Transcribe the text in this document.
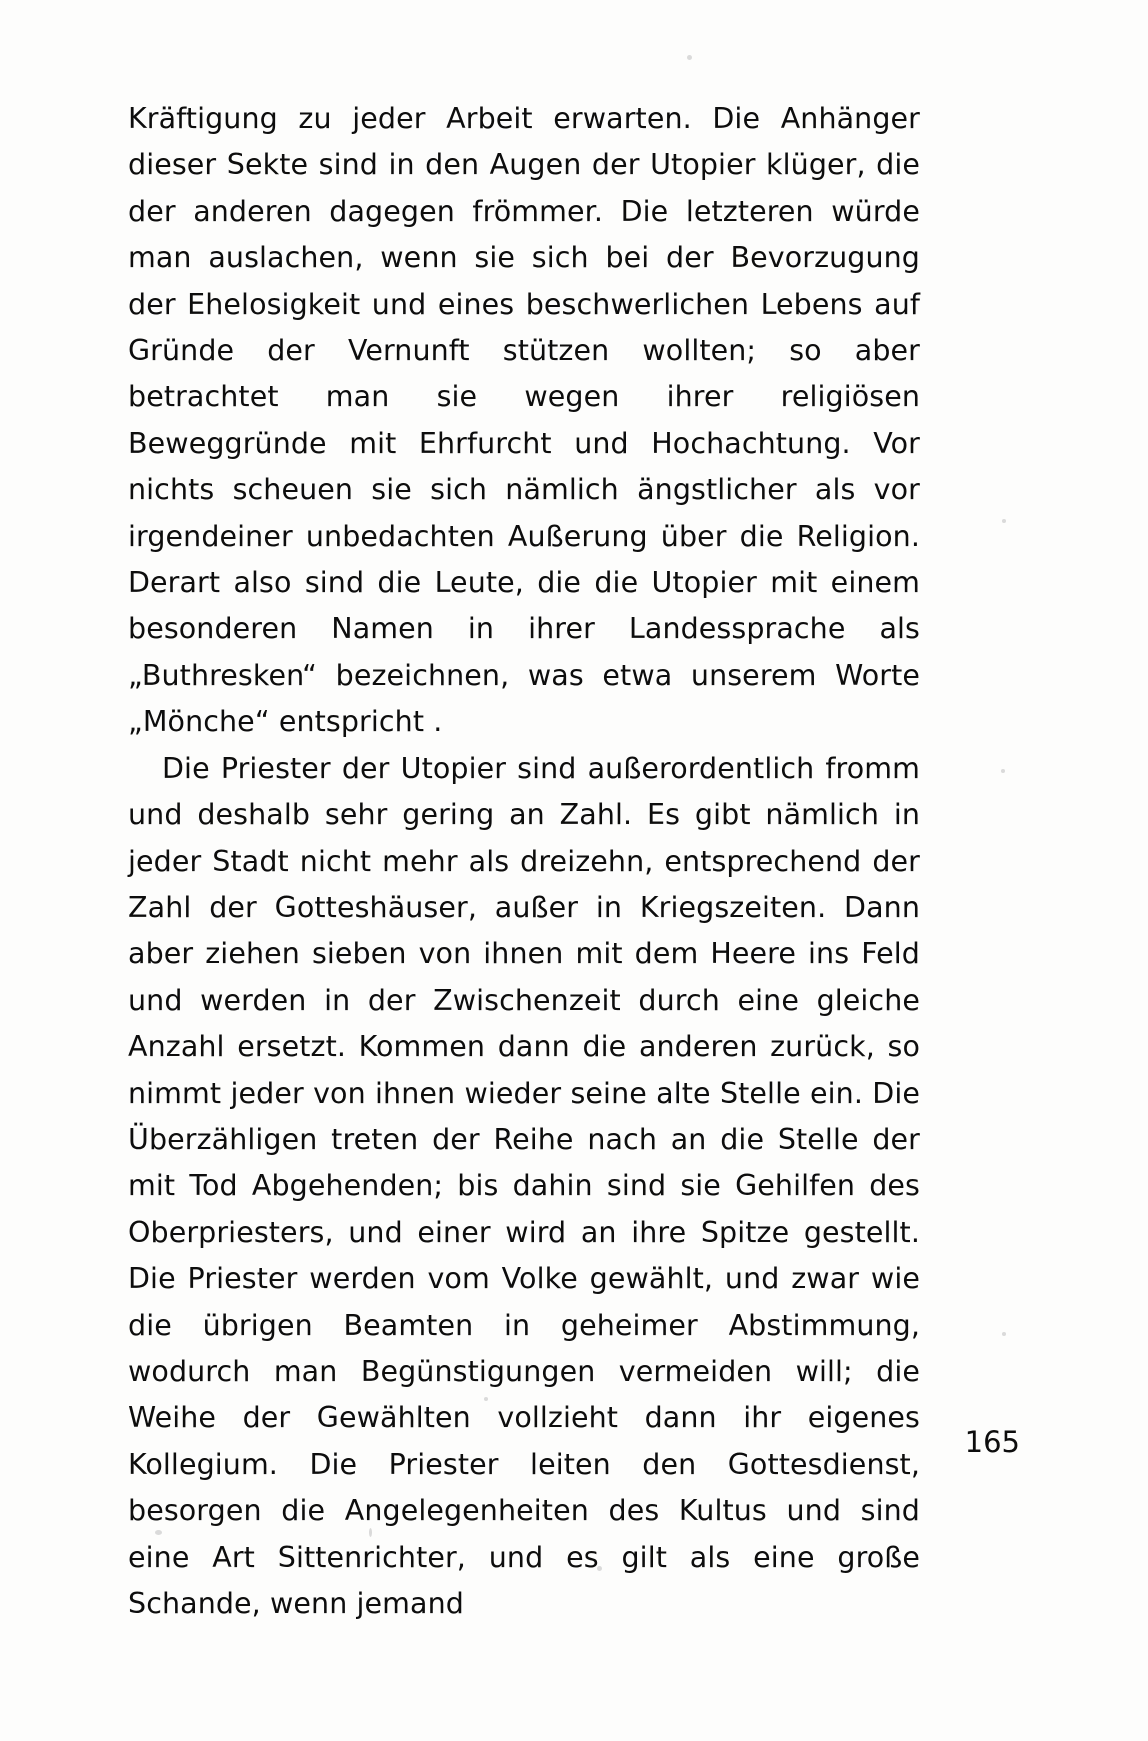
Kräftigung zu jeder Arbeit erwarten. Die Anhänger dieser Sekte sind in den Augen der Utopier klüger, die der anderen dagegen frömmer. Die letzteren würde man auslachen, wenn sie sich bei der Bevorzugung der Ehelosigkeit und eines beschwerlichen Lebens auf Gründe der Vernunft stützen wollten; so aber betrachtet man sie wegen ihrer religiösen Beweggründe mit Ehrfurcht und Hochachtung. Vor nichts scheuen sie sich nämlich ängstlicher als vor irgendeiner unbedachten Außerung über die Religion. Derart also sind die Leute, die die Utopier mit einem besonderen Namen in ihrer Landessprache als „Buthresken“ bezeichnen, was etwa unserem Worte „Mönche“ entspricht .

Die Priester der Utopier sind außerordentlich fromm und deshalb sehr gering an Zahl. Es gibt nämlich in jeder Stadt nicht mehr als dreizehn, entsprechend der Zahl der Gotteshäuser, außer in Kriegszeiten. Dann aber ziehen sieben von ihnen mit dem Heere ins Feld und werden in der Zwischenzeit durch eine gleiche Anzahl ersetzt. Kommen dann die anderen zurück, so nimmt jeder von ihnen wieder seine alte Stelle ein. Die Überzähligen treten der Reihe nach an die Stelle der mit Tod Abgehenden; bis dahin sind sie Gehilfen des Oberpriesters, und einer wird an ihre Spitze gestellt. Die Priester werden vom Volke gewählt, und zwar wie die übrigen Beamten in geheimer Abstimmung, wodurch man Begünstigungen vermeiden will; die Weihe der Gewählten vollzieht dann ihr eigenes Kollegium. Die Priester leiten den Gottesdienst, besorgen die Angelegenheiten des Kultus und sind eine Art Sittenrichter, und es gilt als eine große Schande, wenn jemand

165
